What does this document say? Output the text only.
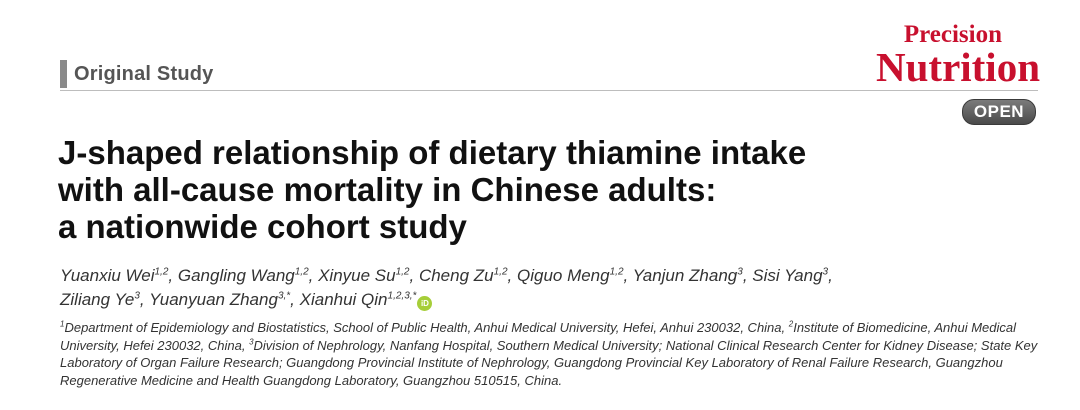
Original Study
Precision
Nutrition
OPEN
J-shaped relationship of dietary thiamine intake
with all-cause mortality in Chinese adults:
a nationwide cohort study
Yuanxiu Wei$^{1,2}$, Gangling Wang$^{1,2}$, Xinyue Su$^{1,2}$, Cheng Zu$^{1,2}$, Qiguo Meng$^{1,2}$, Yanjun Zhang$^3$, Sisi Yang$^3$,
Ziliang Ye$^3$, Yuanyuan Zhang$^{3,*}$, Xianhui Qin$^{1,2,3,*}$iD
$^1$Department of Epidemiology and Biostatistics, School of Public Health, Anhui Medical University, Hefei, Anhui 230032, China, $^2$Institute of Biomedicine, Anhui Medical University, Hefei 230032, China, $^3$Division of Nephrology, Nanfang Hospital, Southern Medical University; National Clinical Research Center for Kidney Disease; State Key Laboratory of Organ Failure Research; Guangdong Provincial Institute of Nephrology, Guangdong Provincial Key Laboratory of Renal Failure Research, Guangzhou Regenerative Medicine and Health Guangdong Laboratory, Guangzhou 510515, China.
